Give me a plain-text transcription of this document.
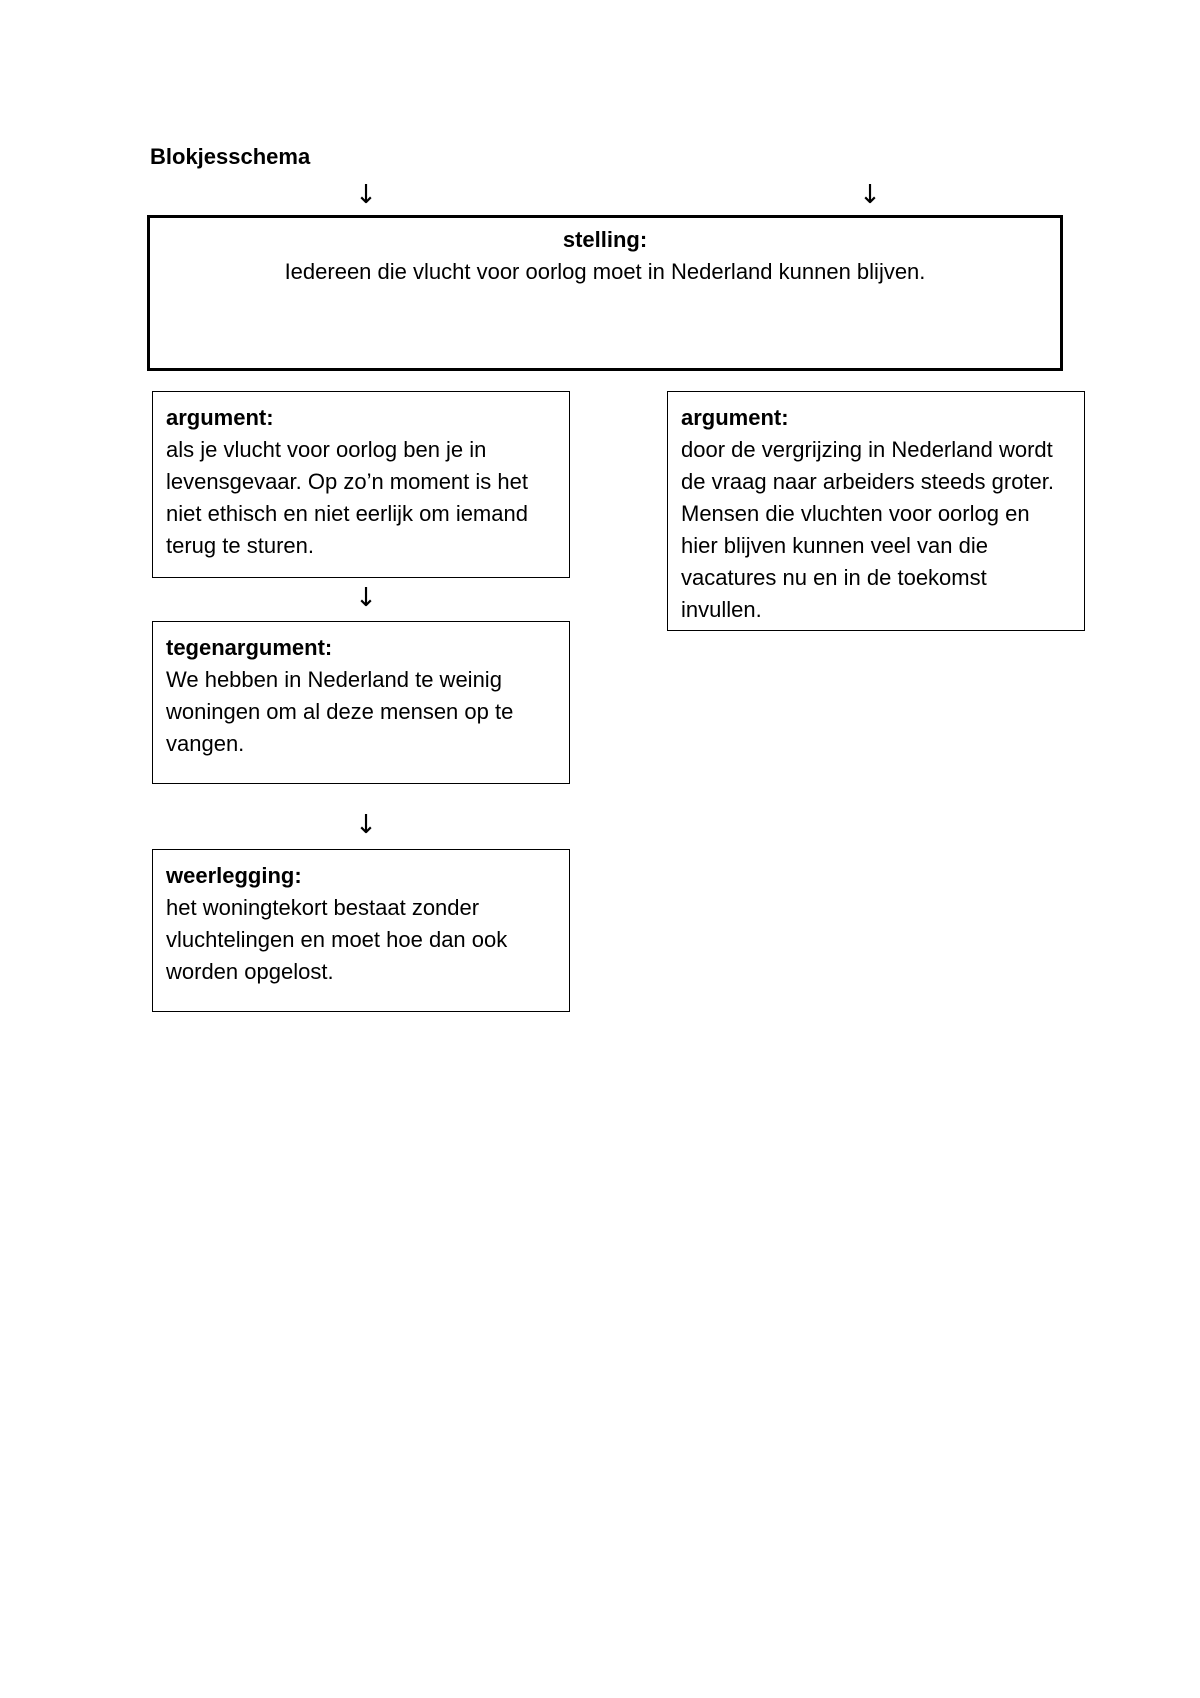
Blokjesschema
↓	↓
stelling:
Iedereen die vlucht voor oorlog moet in Nederland kunnen blijven.
argument:
als je vlucht voor oorlog ben je in levensgevaar. Op zo’n moment is het niet ethisch en niet eerlijk om iemand terug te sturen.
argument:
door de vergrijzing in Nederland wordt de vraag naar arbeiders steeds groter. Mensen die vluchten voor oorlog en hier blijven kunnen veel van die vacatures nu en in de toekomst invullen.
↓
tegenargument:
We hebben in Nederland te weinig woningen om al deze mensen op te vangen.
↓
weerlegging:
het woningtekort bestaat zonder vluchtelingen en moet hoe dan ook worden opgelost.
